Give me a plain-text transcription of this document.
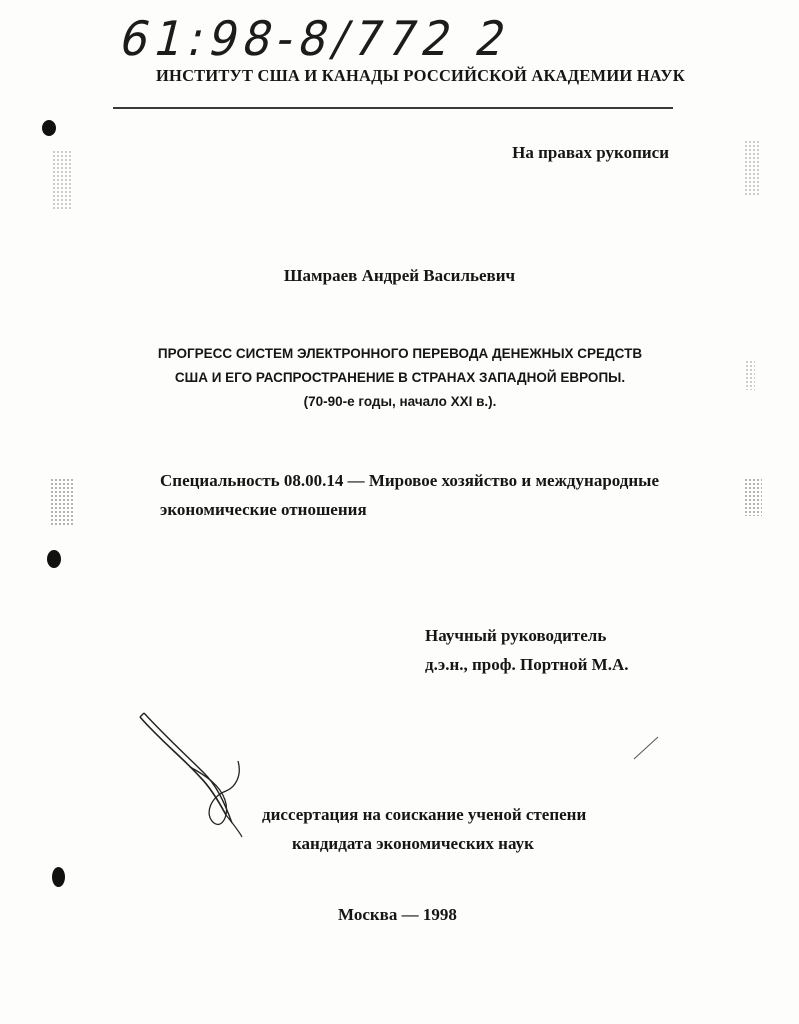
61:98-8/772 2
ИНСТИТУТ США И КАНАДЫ РОССИЙСКОЙ АКАДЕМИИ НАУК
На правах рукописи
Шамраев Андрей Васильевич
ПРОГРЕСС СИСТЕМ ЭЛЕКТРОННОГО ПЕРЕВОДА ДЕНЕЖНЫХ СРЕДСТВ
США И ЕГО РАСПРОСТРАНЕНИЕ В СТРАНАХ ЗАПАДНОЙ ЕВРОПЫ.
(70-90-е годы, начало XXI в.).
Специальность 08.00.14 — Мировое хозяйство и международные
экономические отношения
Научный руководитель
д.э.н., проф. Портной М.А.
диссертация на соискание ученой степени
кандидата экономических наук
Москва — 1998
